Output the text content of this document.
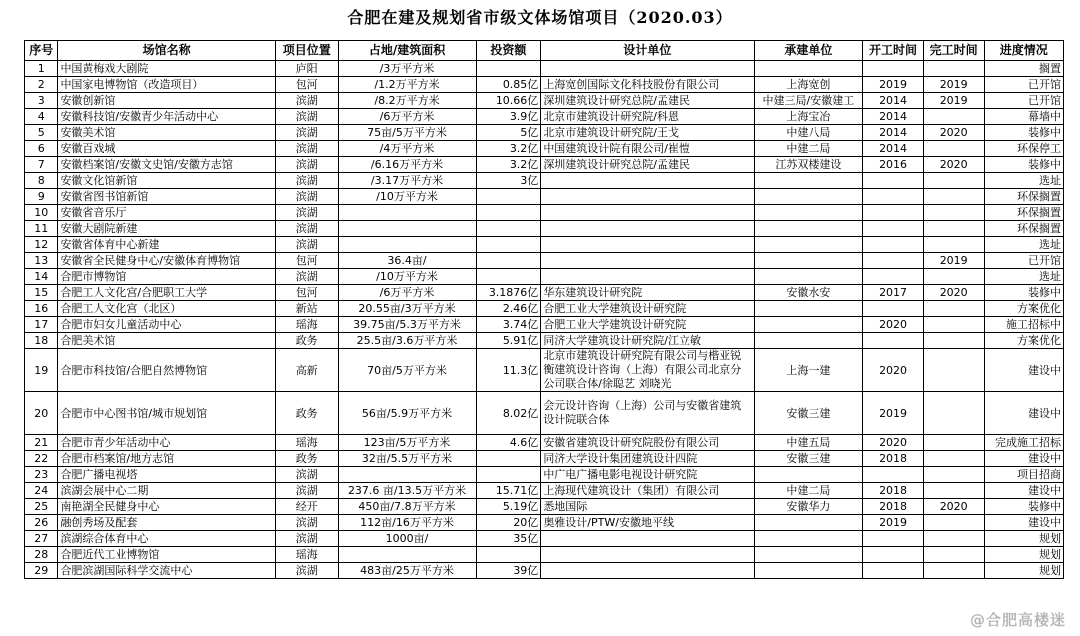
合肥在建及规划省市级文体场馆项目（2020.03）
序号	场馆名称	项目位置	占地/建筑面积	投资额	设计单位	承建单位	开工时间	完工时间	进度情况
1	中国黄梅戏大剧院	庐阳	/3万平方米						搁置
2	中国家电博物馆（改造项目）	包河	/1.2万平方米	0.85亿	上海宽创国际文化科技股份有限公司	上海宽创	2019	2019	已开馆
3	安徽创新馆	滨湖	/8.2万平方米	10.66亿	深圳建筑设计研究总院/孟建民	中建三局/安徽建工	2014	2019	已开馆
4	安徽科技馆/安徽青少年活动中心	滨湖	/6万平方米	3.9亿	北京市建筑设计研究院/科恩	上海宝冶	2014		幕墙中
5	安徽美术馆	滨湖	75亩/5万平方米	5亿	北京市建筑设计研究院/王戈	中建八局	2014	2020	装修中
6	安徽百戏城	滨湖	/4万平方米	3.2亿	中国建筑设计院有限公司/崔愷	中建二局	2014		环保停工
7	安徽档案馆/安徽文史馆/安徽方志馆	滨湖	/6.16万平方米	3.2亿	深圳建筑设计研究总院/孟建民	江苏双楼建设	2016	2020	装修中
8	安徽文化馆新馆	滨湖	/3.17万平方米	3亿					选址
9	安徽省图书馆新馆	滨湖	/10万平方米						环保搁置
10	安徽省音乐厅	滨湖							环保搁置
11	安徽大剧院新建	滨湖							环保搁置
12	安徽省体育中心新建	滨湖							选址
13	安徽省全民健身中心/安徽体育博物馆	包河	36.4亩/					2019	已开馆
14	合肥市博物馆	滨湖	/10万平方米						选址
15	合肥工人文化宫/合肥职工大学	包河	/6万平方米	3.1876亿	华东建筑设计研究院	安徽水安	2017	2020	装修中
16	合肥工人文化宫（北区）	新站	20.55亩/3万平方米	2.46亿	合肥工业大学建筑设计研究院				方案优化
17	合肥市妇女儿童活动中心	瑶海	39.75亩/5.3万平方米	3.74亿	合肥工业大学建筑设计研究院		2020		施工招标中
18	合肥美术馆	政务	25.5亩/3.6万平方米	5.91亿	同济大学建筑设计研究院/江立敏				方案优化
19	合肥市科技馆/合肥自然博物馆	高新	70亩/5万平方米	11.3亿	北京市建筑设计研究院有限公司与楷亚锐衡建筑设计咨询（上海）有限公司北京分公司联合体/徐聪艺 刘晓光	上海一建	2020		建设中
20	合肥市中心图书馆/城市规划馆	政务	56亩/5.9万平方米	8.02亿	会元设计咨询（上海）公司与安徽省建筑设计院联合体	安徽三建	2019		建设中
21	合肥市青少年活动中心	瑶海	123亩/5万平方米	4.6亿	安徽省建筑设计研究院股份有限公司	中建五局	2020		完成施工招标
22	合肥市档案馆/地方志馆	政务	32亩/5.5万平方米		同济大学设计集团建筑设计四院	安徽三建	2018		建设中
23	合肥广播电视塔	滨湖			中广电广播电影电视设计研究院				项目招商
24	滨湖会展中心二期	滨湖	237.6 亩/13.5万平方米	15.71亿	上海现代建筑设计（集团）有限公司	中建二局	2018		建设中
25	南艳湖全民健身中心	经开	450亩/7.8万平方米	5.19亿	悉地国际	安徽华力	2018	2020	装修中
26	融创秀场及配套	滨湖	112亩/16万平方米	20亿	奥雅设计/PTW/安徽地平线		2019		建设中
27	滨湖综合体育中心	滨湖	1000亩/	35亿					规划
28	合肥近代工业博物馆	瑶海							规划
29	合肥滨湖国际科学交流中心	滨湖	483亩/25万平方米	39亿					规划
@合肥高楼迷
